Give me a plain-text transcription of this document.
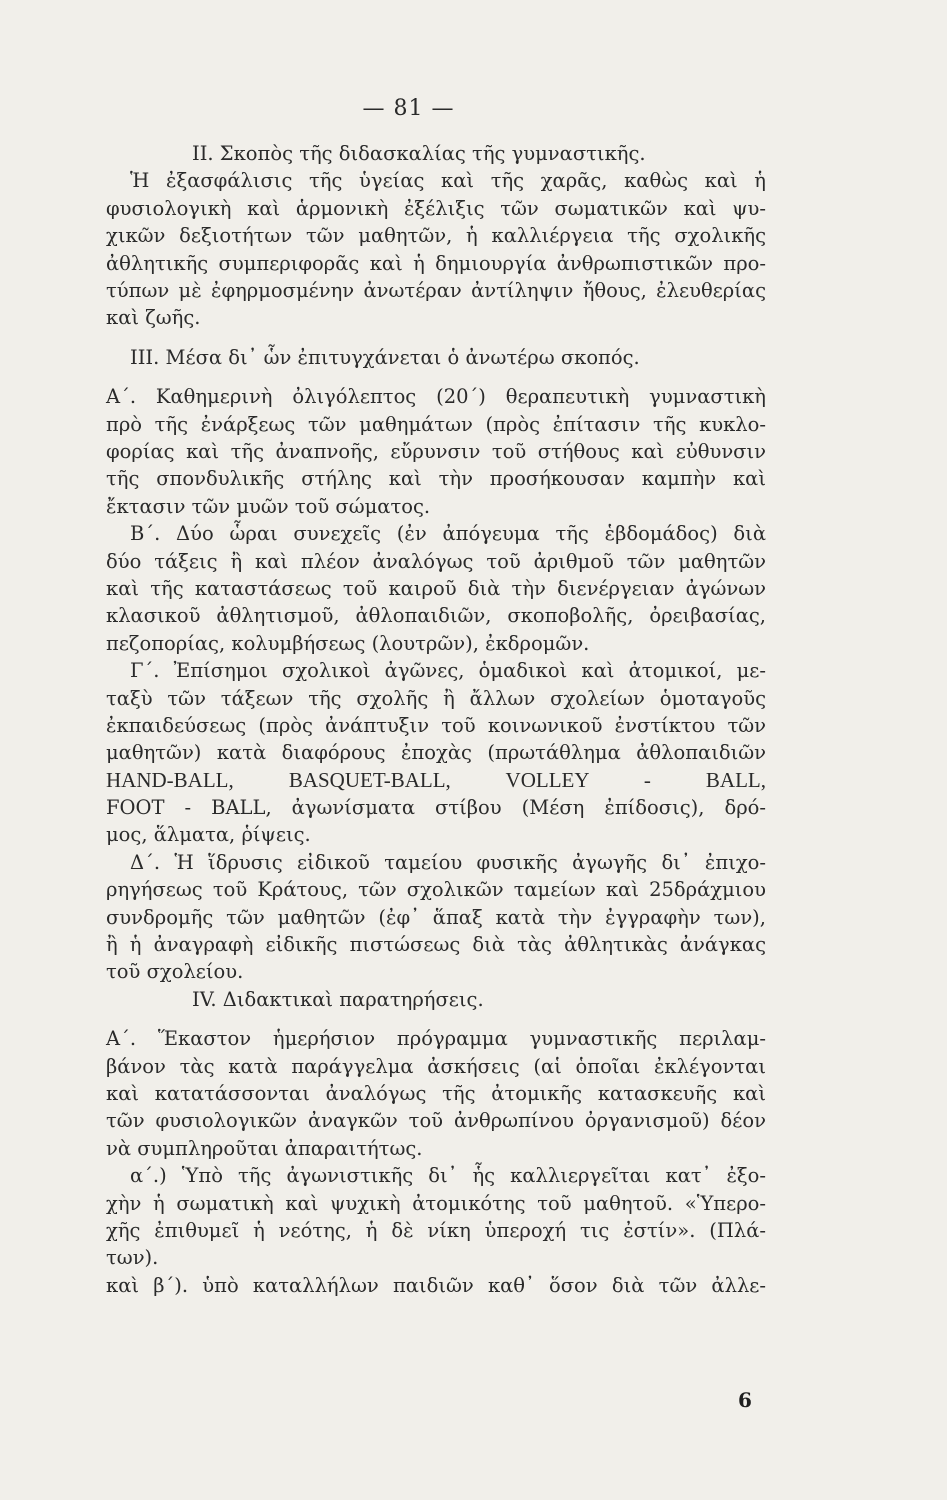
— 81 —
II. Σκοπὸς τῆς διδασκαλίας τῆς γυμναστικῆς.
Ἡ ἐξασφάλισις τῆς ὑγείας καὶ τῆς χαρᾶς, καθὼς καὶ ἡ
φυσιολογικὴ καὶ ἁρμονικὴ ἐξέλιξις τῶν σωματικῶν καὶ ψυ-
χικῶν δεξιοτήτων τῶν μαθητῶν, ἡ καλλιέργεια τῆς σχολικῆς
ἀθλητικῆς συμπεριφορᾶς καὶ ἡ δημιουργία ἀνθρωπιστικῶν προ-
τύπων μὲ ἐφηρμοσμένην ἀνωτέραν ἀντίληψιν ἤθους, ἐλευθερίας
καὶ ζωῆς.
III. Μέσα δι᾽ ὧν ἐπιτυγχάνεται ὁ ἀνωτέρω σκοπός.
Α΄. Καθημερινὴ ὀλιγόλεπτος (20΄) θεραπευτικὴ γυμναστικὴ
πρὸ τῆς ἐνάρξεως τῶν μαθημάτων (πρὸς ἐπίτασιν τῆς κυκλο-
φορίας καὶ τῆς ἀναπνοῆς, εὔρυνσιν τοῦ στήθους καὶ εὐθυνσιν
τῆς σπονδυλικῆς στήλης καὶ τὴν προσήκουσαν καμπὴν καὶ
ἔκτασιν τῶν μυῶν τοῦ σώματος.
Β΄. Δύο ὧραι συνεχεῖς (ἐν ἀπόγευμα τῆς ἑβδομάδος) διὰ
δύο τάξεις ἢ καὶ πλέον ἀναλόγως τοῦ ἀριθμοῦ τῶν μαθητῶν
καὶ τῆς καταστάσεως τοῦ καιροῦ διὰ τὴν διενέργειαν ἀγώνων
κλασικοῦ ἀθλητισμοῦ, ἀθλοπαιδιῶν, σκοποβολῆς, ὀρειβασίας,
πεζοπορίας, κολυμβήσεως (λουτρῶν), ἐκδρομῶν.
Γ΄. Ἐπίσημοι σχολικοὶ ἀγῶνες, ὁμαδικοὶ καὶ ἀτομικοί, με-
ταξὺ τῶν τάξεων τῆς σχολῆς ἢ ἄλλων σχολείων ὁμοταγοῦς
ἐκπαιδεύσεως (πρὸς ἀνάπτυξιν τοῦ κοινωνικοῦ ἐνστίκτου τῶν
μαθητῶν) κατὰ διαφόρους ἐποχὰς (πρωτάθλημα ἀθλοπαιδιῶν
HAND-BALL, BASQUET-BALL, VOLLEY - BALL,
FOOT - BALL, ἀγωνίσματα στίβου (Μέση ἐπίδοσις), δρό-
μος, ἅλματα, ῥίψεις.
Δ΄. Ἡ ἵδρυσις εἰδικοῦ ταμείου φυσικῆς ἀγωγῆς δι᾽ ἐπιχο-
ρηγήσεως τοῦ Κράτους, τῶν σχολικῶν ταμείων καὶ 25δράχμιου
συνδρομῆς τῶν μαθητῶν (ἐφ᾽ ἅπαξ κατὰ τὴν ἐγγραφὴν των),
ἢ ἡ ἀναγραφὴ εἰδικῆς πιστώσεως διὰ τὰς ἀθλητικὰς ἀνάγκας
τοῦ σχολείου.
IV. Διδακτικαὶ παρατηρήσεις.
Α΄. Ἕκαστον ἡμερήσιον πρόγραμμα γυμναστικῆς περιλαμ-
βάνον τὰς κατὰ παράγγελμα ἀσκήσεις (αἱ ὁποῖαι ἐκλέγονται
καὶ κατατάσσονται ἀναλόγως τῆς ἀτομικῆς κατασκευῆς καὶ
τῶν φυσιολογικῶν ἀναγκῶν τοῦ ἀνθρωπίνου ὀργανισμοῦ) δέον
νὰ συμπληροῦται ἀπαραιτήτως.
α΄.) Ὑπὸ τῆς ἀγωνιστικῆς δι᾽ ἧς καλλιεργεῖται κατ᾽ ἐξο-
χὴν ἡ σωματικὴ καὶ ψυχικὴ ἀτομικότης τοῦ μαθητοῦ. «Ὑπερο-
χῆς ἐπιθυμεῖ ἡ νεότης, ἡ δὲ νίκη ὑπεροχή τις ἐστίν». (Πλά-
των).
καὶ β΄). ὑπὸ καταλλήλων παιδιῶν καθ᾽ ὅσον διὰ τῶν ἀλλε-
6
